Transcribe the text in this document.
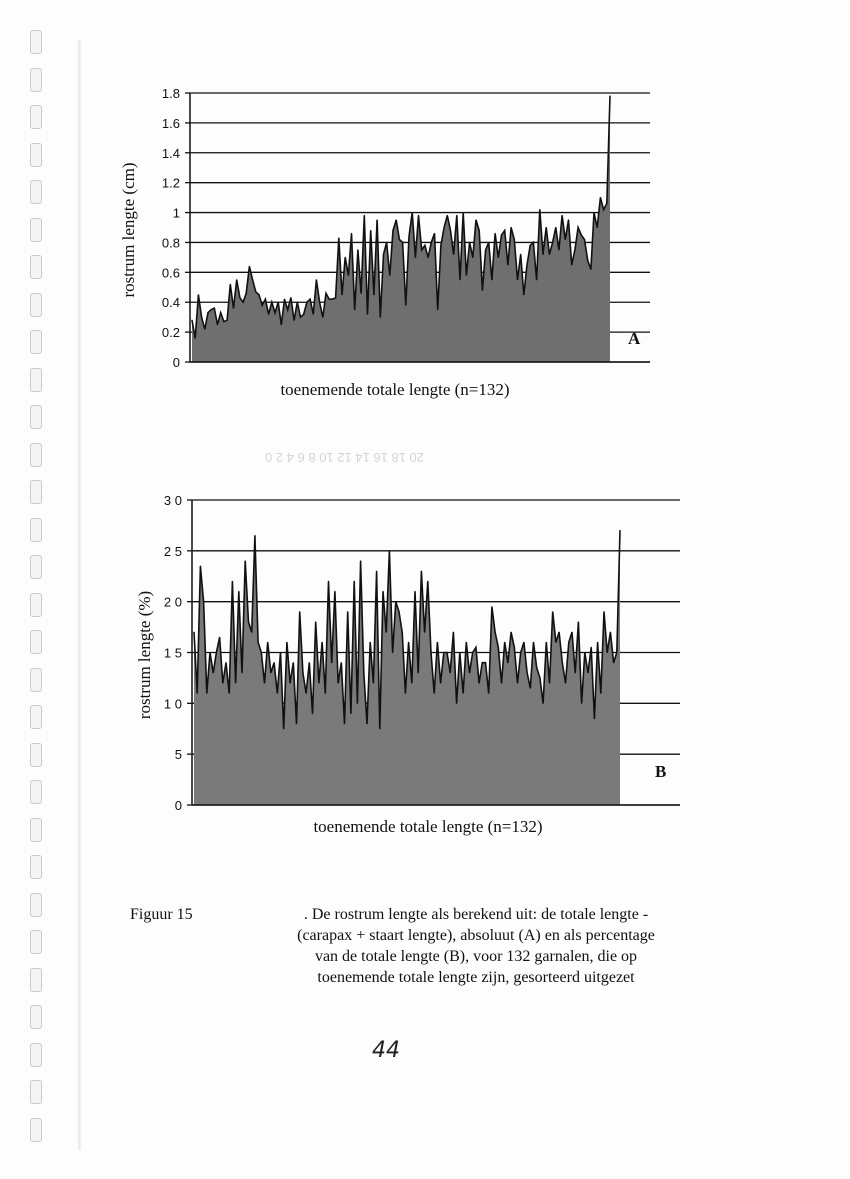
20 18 16 14 12 10 8 6 4 2 0
0
0.2
0.4
0.6
0.8
1
1.2
1.4
1.6
1.8
A
toenemende totale lengte (n=132)
rostrum lengte (cm)
0
5
1 0
1 5
2 0
2 5
3 0
B
toenemende totale lengte (n=132)
rostrum lengte (%)
Figuur 15	. De rostrum lengte als berekend uit: de totale lengte -
(carapax + staart lengte), absoluut (A) en als percentage
van de totale lengte (B), voor 132 garnalen, die op
toenemende totale lengte zijn, gesorteerd uitgezet
44
